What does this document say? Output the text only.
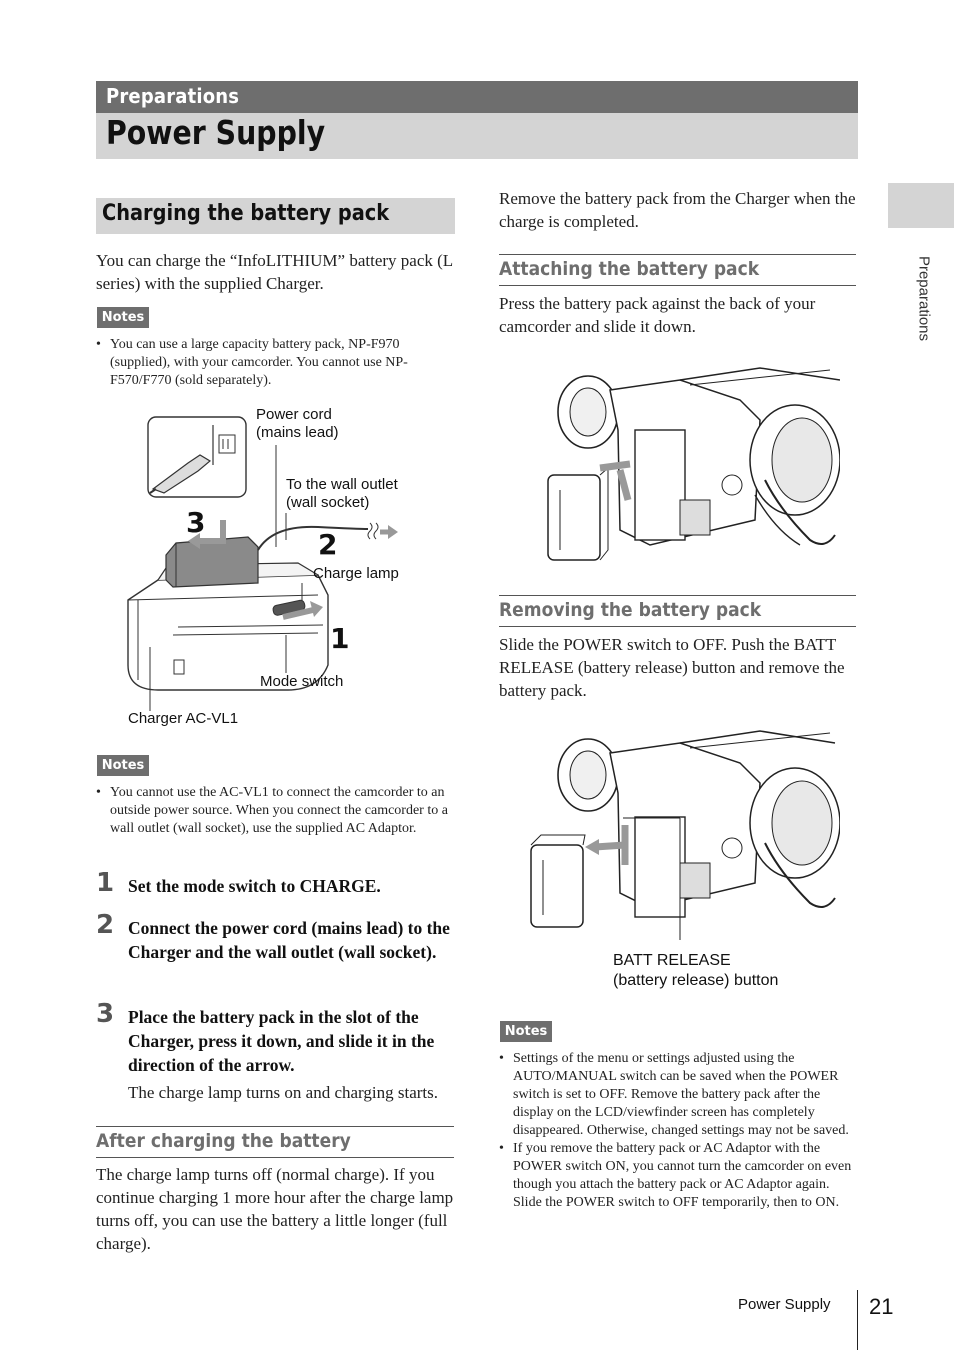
Preparations
Power Supply
Preparations
Charging the battery pack
You can charge the “InfoLITHIUM” battery pack (L series) with the supplied Charger.
Notes
• You can use a large capacity battery pack, NP-F970 (supplied), with your camcorder. You cannot use NP-F570/F770 (sold separately).
Power cord
(mains lead)
To the wall outlet
(wall socket)
Charge lamp
Mode switch
Charger AC-VL1
3
2
1
Notes
• You cannot use the AC-VL1 to connect the camcorder to an outside power source. When you connect the camcorder to a wall outlet (wall socket), use the supplied AC Adaptor.
1 Set the mode switch to CHARGE.
2 Connect the power cord (mains lead) to the Charger and the wall outlet (wall socket).
3 Place the battery pack in the slot of the Charger, press it down, and slide it in the direction of the arrow.
The charge lamp turns on and charging starts.
After charging the battery
The charge lamp turns off (normal charge). If you continue charging 1 more hour after the charge lamp turns off, you can use the battery a little longer (full charge).
Remove the battery pack from the Charger when the charge is completed.
Attaching the battery pack
Press the battery pack against the back of your camcorder and slide it down.
Removing the battery pack
Slide the POWER switch to OFF. Push the BATT RELEASE (battery release) button and remove the battery pack.
BATT RELEASE
(battery release) button
Notes
• Settings of the menu or settings adjusted using the AUTO/MANUAL switch can be saved when the POWER switch is set to OFF. Remove the battery pack after the display on the LCD/viewfinder screen has completely disappeared. Otherwise, changed settings may not be saved.
• If you remove the battery pack or AC Adaptor with the POWER switch ON, you cannot turn the camcorder on even though you attach the battery pack or AC Adaptor again.
Slide the POWER switch to OFF temporarily, then to ON.
Power Supply 21
